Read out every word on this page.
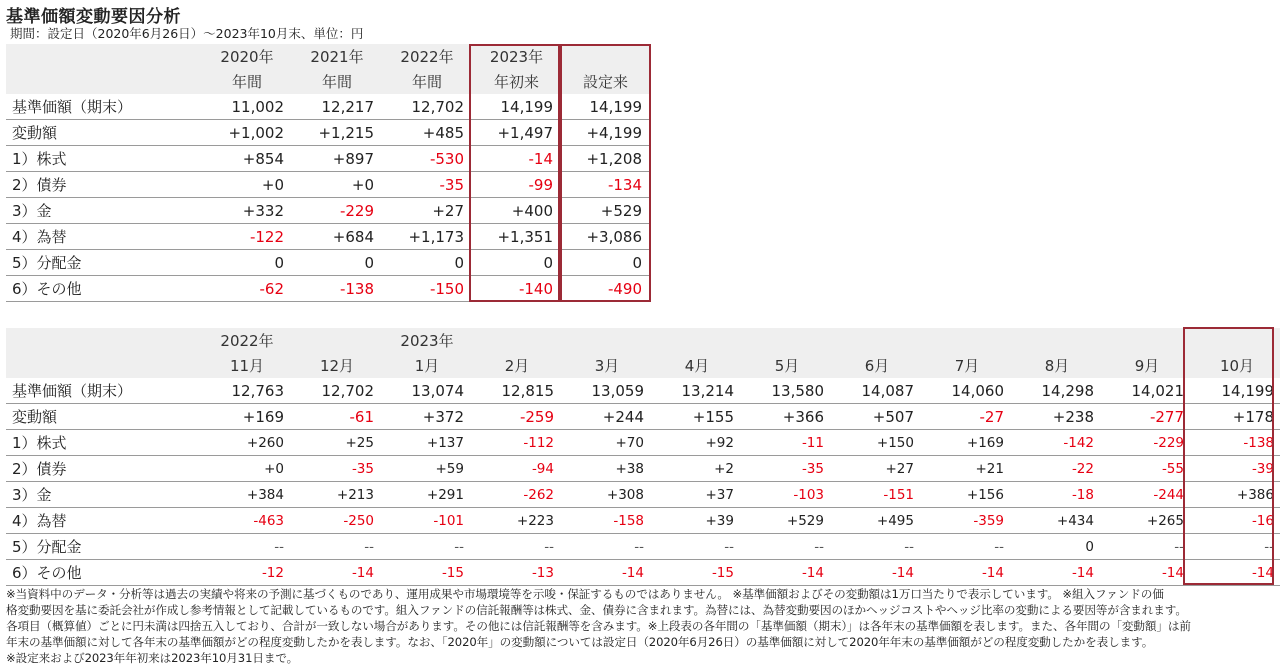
基準価額変動要因分析
期間：設定日（2020年6月26日）～2023年10月末、単位：円
	2020年	2021年	2022年	2023年	
	年間	年間	年間	年初来	設定来
基準価額（期末）	11,002	12,217	12,702	14,199	14,199
変動額	+1,002	+1,215	+485	+1,497	+4,199
1）株式	+854	+897	-530	-14	+1,208
2）債券	+0	+0	-35	-99	-134
3）金	+332	-229	+27	+400	+529
4）為替	-122	+684	+1,173	+1,351	+3,086
5）分配金	0	0	0	0	0
6）その他	-62	-138	-150	-140	-490
	2022年		2023年									
	11月	12月	1月	2月	3月	4月	5月	6月	7月	8月	9月	10月
基準価額（期末）	12,763	12,702	13,074	12,815	13,059	13,214	13,580	14,087	14,060	14,298	14,021	14,199
変動額	+169	-61	+372	-259	+244	+155	+366	+507	-27	+238	-277	+178
1）株式	+260	+25	+137	-112	+70	+92	-11	+150	+169	-142	-229	-138
2）債券	+0	-35	+59	-94	+38	+2	-35	+27	+21	-22	-55	-39
3）金	+384	+213	+291	-262	+308	+37	-103	-151	+156	-18	-244	+386
4）為替	-463	-250	-101	+223	-158	+39	+529	+495	-359	+434	+265	-16
5）分配金	--	--	--	--	--	--	--	--	--	0	--	--
6）その他	-12	-14	-15	-13	-14	-15	-14	-14	-14	-14	-14	-14
※当資料中のデータ・分析等は過去の実績や将来の予測に基づくものであり、運用成果や市場環境等を示唆・保証するものではありません。 ※基準価額およびその変動額は1万口当たりで表示しています。 ※組入ファンドの価
格変動要因を基に委託会社が作成し参考情報として記載しているものです。組入ファンドの信託報酬等は株式、金、債券に含まれます。為替には、為替変動要因のほかヘッジコストやヘッジ比率の変動による要因等が含まれます。
各項目（概算値）ごとに円未満は四捨五入しており、合計が一致しない場合があります。その他には信託報酬等を含みます。※上段表の各年間の「基準価額（期末）」は各年末の基準価額を表します。また、各年間の「変動額」は前
年末の基準価額に対して各年末の基準価額がどの程度変動したかを表します。なお、「2020年」の変動額については設定日（2020年6月26日）の基準価額に対して2020年年末の基準価額がどの程度変動したかを表します。
※設定来および2023年年初来は2023年10月31日まで。
